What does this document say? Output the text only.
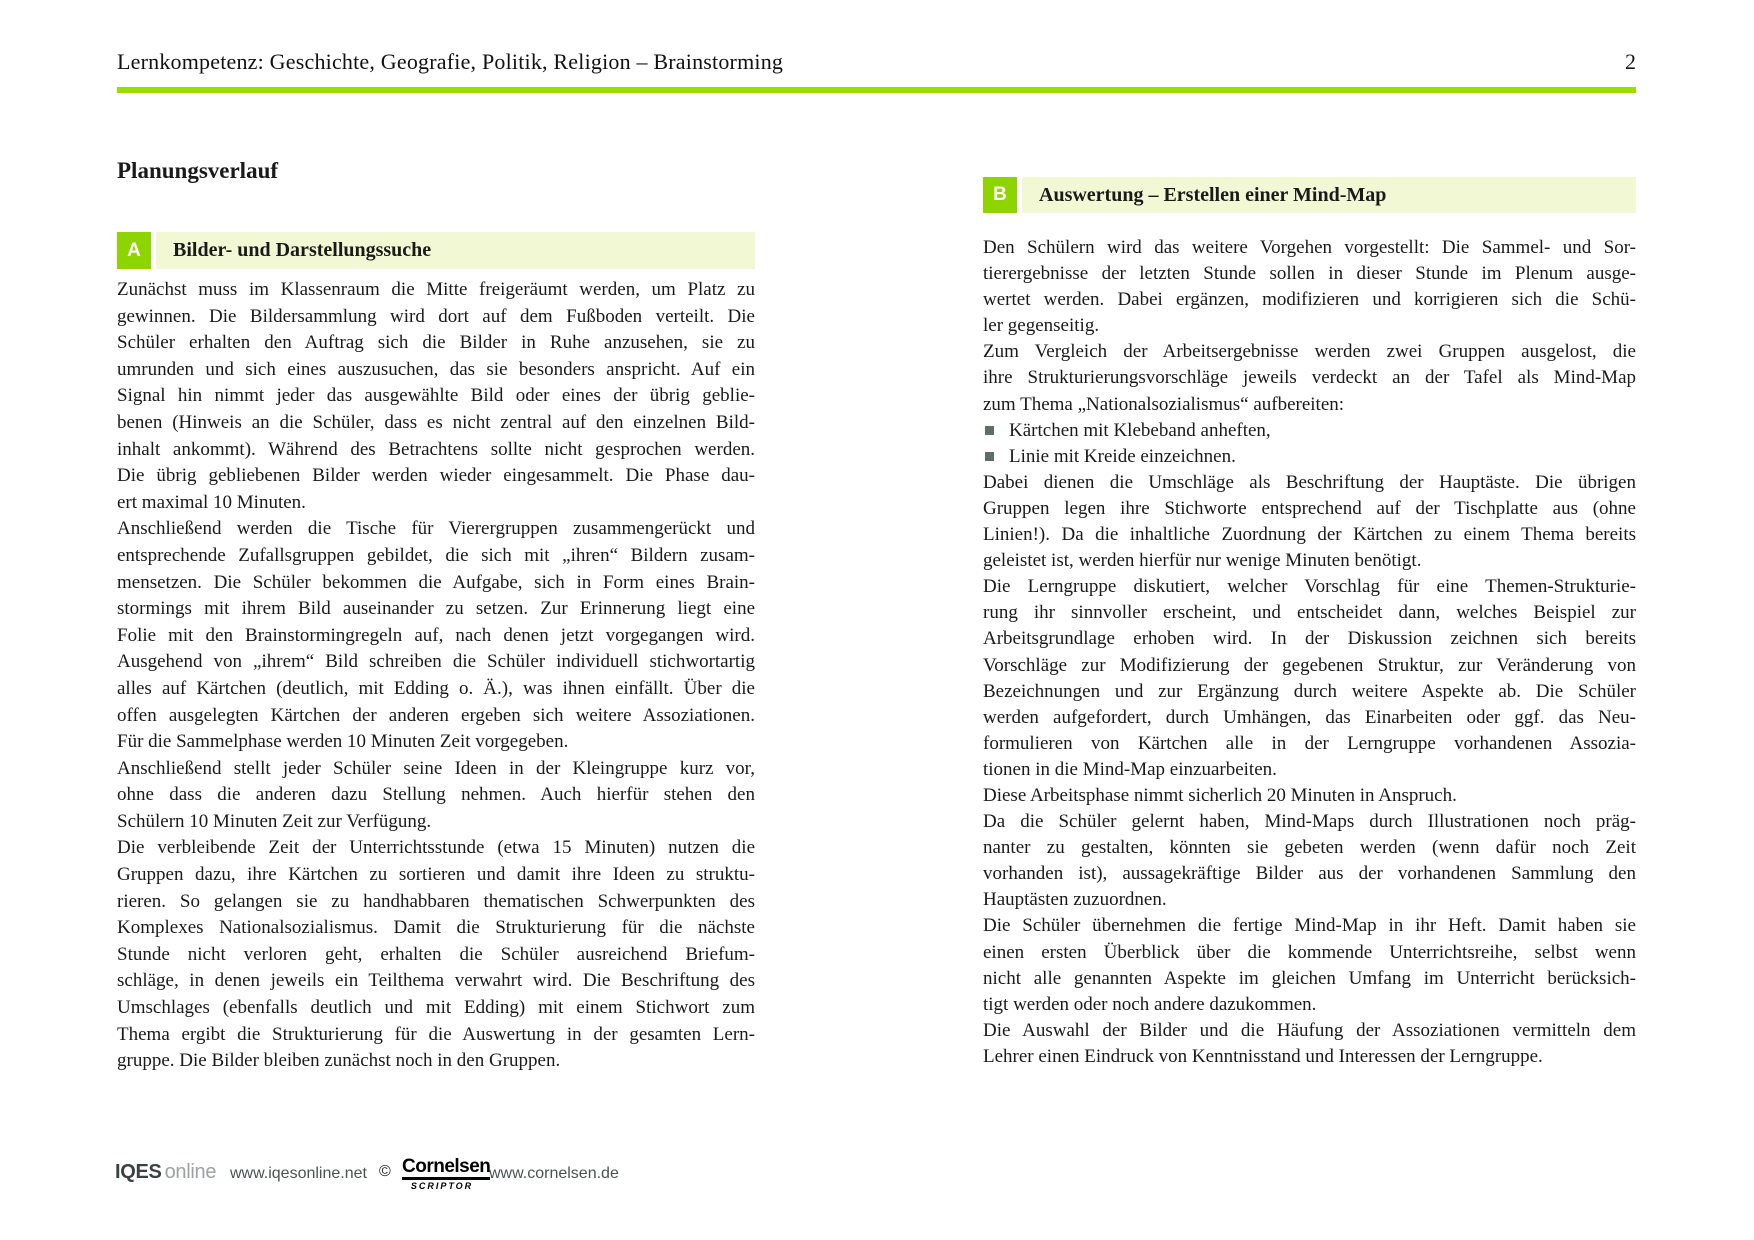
Lernkompetenz: Geschichte, Geografie, Politik, Religion – Brainstorming	2
Planungsverlauf
A	Bilder- und Darstellungssuche
B	Auswertung – Erstellen einer Mind-Map
Zunächst muss im Klassenraum die Mitte freigeräumt werden, um Platz zu
gewinnen. Die Bildersammlung wird dort auf dem Fußboden verteilt. Die
Schüler erhalten den Auftrag sich die Bilder in Ruhe anzusehen, sie zu
umrunden und sich eines auszusuchen, das sie besonders anspricht. Auf ein
Signal hin nimmt jeder das ausgewählte Bild oder eines der übrig geblie-
benen (Hinweis an die Schüler, dass es nicht zentral auf den einzelnen Bild-
inhalt ankommt). Während des Betrachtens sollte nicht gesprochen werden.
Die übrig gebliebenen Bilder werden wieder eingesammelt. Die Phase dau-
ert maximal 10 Minuten.
Anschließend werden die Tische für Vierergruppen zusammengerückt und
entsprechende Zufallsgruppen gebildet, die sich mit „ihren“ Bildern zusam-
mensetzen. Die Schüler bekommen die Aufgabe, sich in Form eines Brain-
stormings mit ihrem Bild auseinander zu setzen. Zur Erinnerung liegt eine
Folie mit den Brainstormingregeln auf, nach denen jetzt vorgegangen wird.
Ausgehend von „ihrem“ Bild schreiben die Schüler individuell stichwortartig
alles auf Kärtchen (deutlich, mit Edding o. Ä.), was ihnen einfällt. Über die
offen ausgelegten Kärtchen der anderen ergeben sich weitere Assoziationen.
Für die Sammelphase werden 10 Minuten Zeit vorgegeben.
Anschließend stellt jeder Schüler seine Ideen in der Kleingruppe kurz vor,
ohne dass die anderen dazu Stellung nehmen. Auch hierfür stehen den
Schülern 10 Minuten Zeit zur Verfügung.
Die verbleibende Zeit der Unterrichtsstunde (etwa 15 Minuten) nutzen die
Gruppen dazu, ihre Kärtchen zu sortieren und damit ihre Ideen zu struktu-
rieren. So gelangen sie zu handhabbaren thematischen Schwerpunkten des
Komplexes Nationalsozialismus. Damit die Strukturierung für die nächste
Stunde nicht verloren geht, erhalten die Schüler ausreichend Briefum-
schläge, in denen jeweils ein Teilthema verwahrt wird. Die Beschriftung des
Umschlages (ebenfalls deutlich und mit Edding) mit einem Stichwort zum
Thema ergibt die Strukturierung für die Auswertung in der gesamten Lern-
gruppe. Die Bilder bleiben zunächst noch in den Gruppen.
Den Schülern wird das weitere Vorgehen vorgestellt: Die Sammel- und Sor-
tierergebnisse der letzten Stunde sollen in dieser Stunde im Plenum ausge-
wertet werden. Dabei ergänzen, modifizieren und korrigieren sich die Schü-
ler gegenseitig.
Zum Vergleich der Arbeitsergebnisse werden zwei Gruppen ausgelost, die
ihre Strukturierungsvorschläge jeweils verdeckt an der Tafel als Mind-Map
zum Thema „Nationalsozialismus“ aufbereiten:
Kärtchen mit Klebeband anheften,
Linie mit Kreide einzeichnen.
Dabei dienen die Umschläge als Beschriftung der Hauptäste. Die übrigen
Gruppen legen ihre Stichworte entsprechend auf der Tischplatte aus (ohne
Linien!). Da die inhaltliche Zuordnung der Kärtchen zu einem Thema bereits
geleistet ist, werden hierfür nur wenige Minuten benötigt.
Die Lerngruppe diskutiert, welcher Vorschlag für eine Themen-Strukturie-
rung ihr sinnvoller erscheint, und entscheidet dann, welches Beispiel zur
Arbeitsgrundlage erhoben wird. In der Diskussion zeichnen sich bereits
Vorschläge zur Modifizierung der gegebenen Struktur, zur Veränderung von
Bezeichnungen und zur Ergänzung durch weitere Aspekte ab. Die Schüler
werden aufgefordert, durch Umhängen, das Einarbeiten oder ggf. das Neu-
formulieren von Kärtchen alle in der Lerngruppe vorhandenen Assozia-
tionen in die Mind-Map einzuarbeiten.
Diese Arbeitsphase nimmt sicherlich 20 Minuten in Anspruch.
Da die Schüler gelernt haben, Mind-Maps durch Illustrationen noch präg-
nanter zu gestalten, könnten sie gebeten werden (wenn dafür noch Zeit
vorhanden ist), aussagekräftige Bilder aus der vorhandenen Sammlung den
Hauptästen zuzuordnen.
Die Schüler übernehmen die fertige Mind-Map in ihr Heft. Damit haben sie
einen ersten Überblick über die kommende Unterrichtsreihe, selbst wenn
nicht alle genannten Aspekte im gleichen Umfang im Unterricht berücksich-
tigt werden oder noch andere dazukommen.
Die Auswahl der Bilder und die Häufung der Assoziationen vermitteln dem
Lehrer einen Eindruck von Kenntnisstand und Interessen der Lerngruppe.
IQES online www.iqesonline.net © Cornelsen
SCRIPTOR
www.cornelsen.de
